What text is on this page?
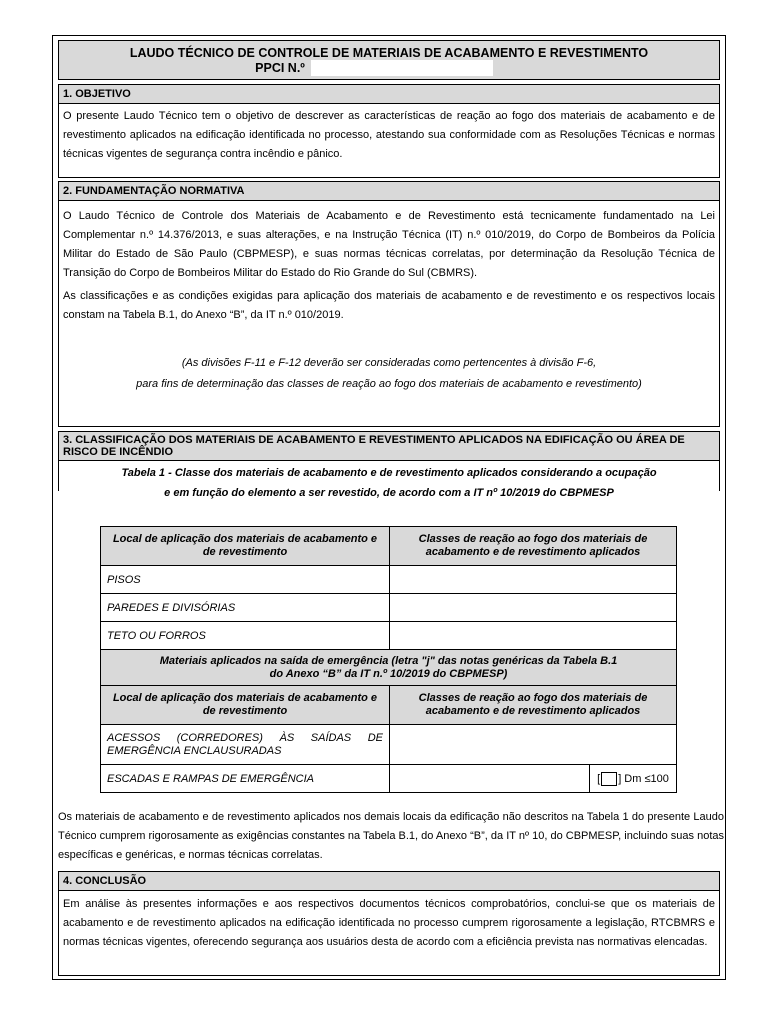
LAUDO TÉCNICO DE CONTROLE DE MATERIAIS DE ACABAMENTO E REVESTIMENTO
PPCI N.º
1. OBJETIVO

O presente Laudo Técnico tem o objetivo de descrever as características de reação ao fogo dos materiais de acabamento e de revestimento aplicados na edificação identificada no processo, atestando sua conformidade com as Resoluções Técnicas e normas técnicas vigentes de segurança contra incêndio e pânico.

2. FUNDAMENTAÇÃO NORMATIVA

O Laudo Técnico de Controle dos Materiais de Acabamento e de Revestimento está tecnicamente fundamentado na Lei Complementar n.º 14.376/2013, e suas alterações, e na Instrução Técnica (IT) n.º 010/2019, do Corpo de Bombeiros da Polícia Militar do Estado de São Paulo (CBPMESP), e suas normas técnicas correlatas, por determinação da Resolução Técnica de Transição do Corpo de Bombeiros Militar do Estado do Rio Grande do Sul (CBMRS).

As classificações e as condições exigidas para aplicação dos materiais de acabamento e de revestimento e os respectivos locais constam na Tabela B.1, do Anexo “B”, da IT n.º 010/2019.

(As divisões F-11 e F-12 deverão ser consideradas como pertencentes à divisão F-6,

para fins de determinação das classes de reação ao fogo dos materiais de acabamento e revestimento)

3. CLASSIFICAÇÃO DOS MATERIAIS DE ACABAMENTO E REVESTIMENTO APLICADOS NA EDIFICAÇÃO OU ÁREA DE RISCO DE INCÊNDIO

Tabela 1 - Classe dos materiais de acabamento e de revestimento aplicados considerando a ocupação

e em função do elemento a ser revestido, de acordo com a IT nº 10/2019 do CBPMESP

Local de aplicação dos materiais de acabamento e de revestimento	Classes de reação ao fogo dos materiais de acabamento e de revestimento aplicados
PISOS	
PAREDES E DIVISÓRIAS	
TETO OU FORROS	

Materiais aplicados na saída de emergência (letra "j" das notas genéricas da Tabela B.1
do Anexo “B” da IT n.º 10/2019 do CBPMESP)	

Local de aplicação dos materiais de acabamento e de revestimento	Classes de reação ao fogo dos materiais de acabamento e de revestimento aplicados
ACESSOS (CORREDORES) ÀS SAÍDAS DE EMERGÊNCIA ENCLAUSURADAS	
ESCADAS E RAMPAS DE EMERGÊNCIA	[ ] Dm ≤100
Os materiais de acabamento e de revestimento aplicados nos demais locais da edificação não descritos na Tabela 1 do presente Laudo Técnico cumprem rigorosamente as exigências constantes na Tabela B.1, do Anexo “B”, da IT nº 10, do CBPMESP, incluindo suas notas específicas e genéricas, e normas técnicas correlatas.
4. CONCLUSÃO

Em análise às presentes informações e aos respectivos documentos técnicos comprobatórios, conclui-se que os materiais de acabamento e de revestimento aplicados na edificação identificada no processo cumprem rigorosamente a legislação, RTCBMRS e normas técnicas vigentes, oferecendo segurança aos usuários desta de acordo com a eficiência prevista nas normativas elencadas.
